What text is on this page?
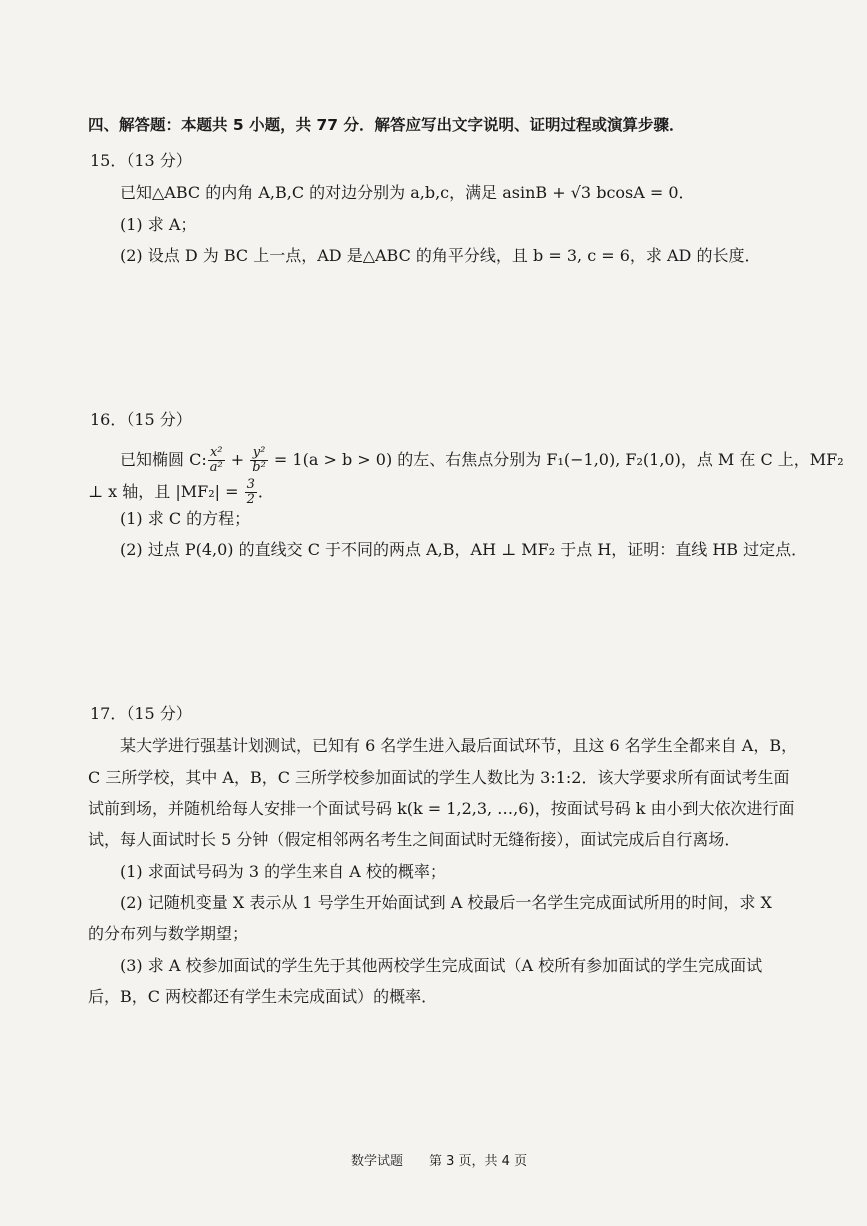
四、解答题：本题共 5 小题，共 77 分．解答应写出文字说明、证明过程或演算步骤．
15．（13 分）
已知△ABC 的内角 A,B,C 的对边分别为 a,b,c，满足 asinB + √3 bcosA = 0．
(1) 求 A；
(2) 设点 D 为 BC 上一点，AD 是△ABC 的角平分线，且 b = 3, c = 6，求 AD 的长度．
16．（15 分）
已知椭圆 C: $\frac{\text{x²}}{\text{a²}} + \frac{\text{y²}}{\text{b²}} = 1(a > b > 0)$ 的左、右焦点分别为 F₁(−1,0), F₂(1,0)，点 M 在 C 上，MF₂
⊥ x 轴，且 $|MF_2| = \frac{3}{2}$ ．
(1) 求 C 的方程；
(2) 过点 P(4,0) 的直线交 C 于不同的两点 A,B，AH ⊥ MF₂ 于点 H，证明：直线 HB 过定点．
17．（15 分）
某大学进行强基计划测试，已知有 6 名学生进入最后面试环节，且这 6 名学生全都来自 A，B，
C 三所学校，其中 A，B，C 三所学校参加面试的学生人数比为 3:1:2．该大学要求所有面试考生面
试前到场，并随机给每人安排一个面试号码 k(k = 1,2,3, …,6)，按面试号码 k 由小到大依次进行面
试，每人面试时长 5 分钟（假定相邻两名考生之间面试时无缝衔接），面试完成后自行离场．
(1) 求面试号码为 3 的学生来自 A 校的概率；
(2) 记随机变量 X 表示从 1 号学生开始面试到 A 校最后一名学生完成面试所用的时间，求 X
的分布列与数学期望；
(3) 求 A 校参加面试的学生先于其他两校学生完成面试（A 校所有参加面试的学生完成面试
后，B，C 两校都还有学生未完成面试）的概率．
数学试题 第 3 页，共 4 页
